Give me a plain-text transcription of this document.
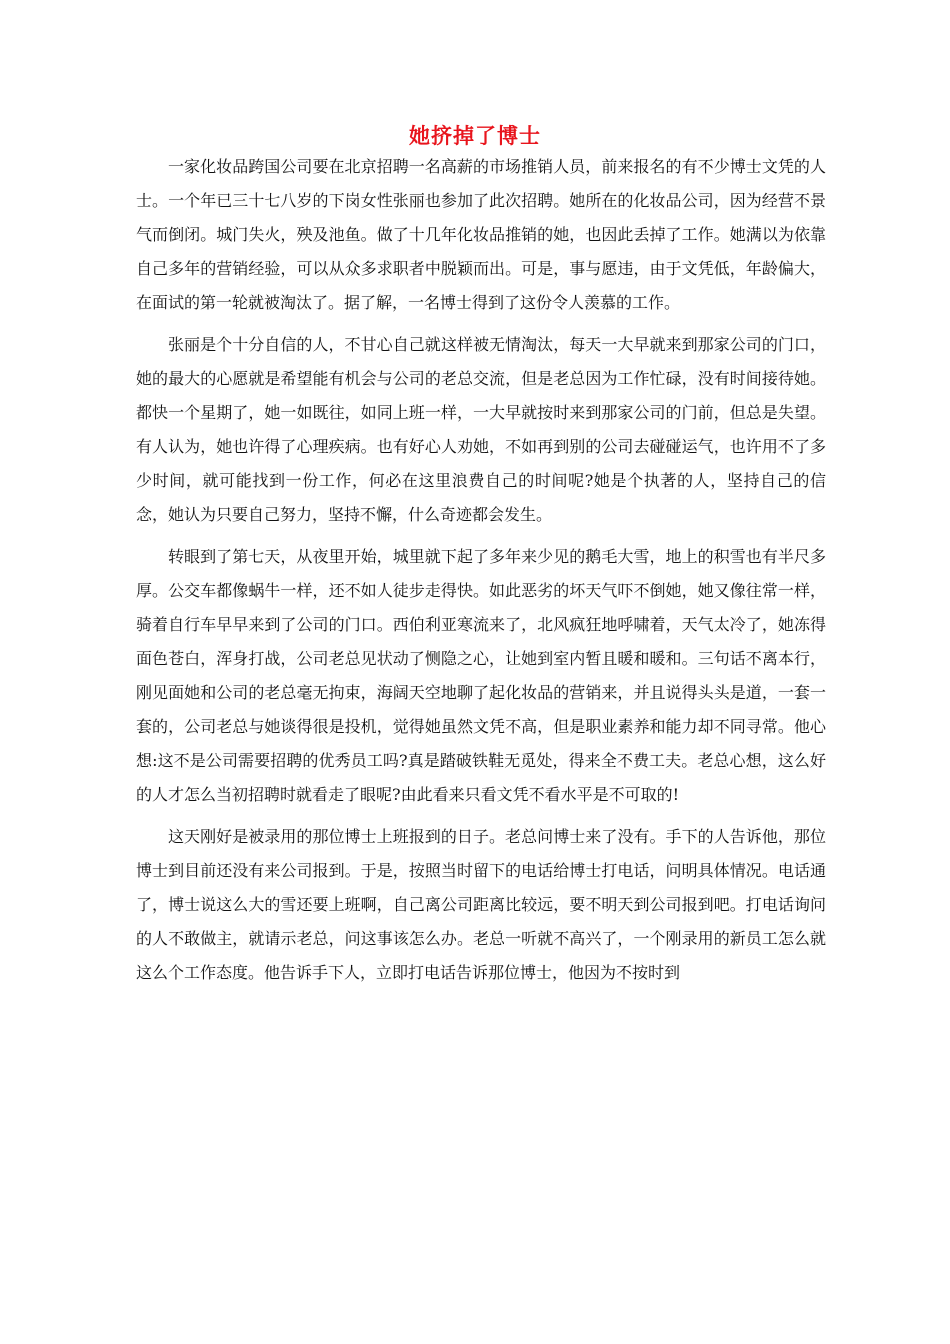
她挤掉了博士

一家化妆品跨国公司要在北京招聘一名高薪的市场推销人员，前来报名的有不少博士文凭的人士。一个年已三十七八岁的下岗女性张丽也参加了此次招聘。她所在的化妆品公司，因为经营不景气而倒闭。城门失火，殃及池鱼。做了十几年化妆品推销的她，也因此丢掉了工作。她满以为依靠自己多年的营销经验，可以从众多求职者中脱颖而出。可是，事与愿违，由于文凭低，年龄偏大，在面试的第一轮就被淘汰了。据了解，一名博士得到了这份令人羡慕的工作。

张丽是个十分自信的人，不甘心自己就这样被无情淘汰，每天一大早就来到那家公司的门口，她的最大的心愿就是希望能有机会与公司的老总交流，但是老总因为工作忙碌，没有时间接待她。都快一个星期了，她一如既往，如同上班一样，一大早就按时来到那家公司的门前，但总是失望。有人认为，她也许得了心理疾病。也有好心人劝她，不如再到别的公司去碰碰运气，也许用不了多少时间，就可能找到一份工作，何必在这里浪费自己的时间呢?她是个执著的人，坚持自己的信念，她认为只要自己努力，坚持不懈，什么奇迹都会发生。

转眼到了第七天，从夜里开始，城里就下起了多年来少见的鹅毛大雪，地上的积雪也有半尺多厚。公交车都像蜗牛一样，还不如人徒步走得快。如此恶劣的坏天气吓不倒她，她又像往常一样，骑着自行车早早来到了公司的门口。西伯利亚寒流来了，北风疯狂地呼啸着，天气太冷了，她冻得面色苍白，浑身打战，公司老总见状动了恻隐之心，让她到室内暂且暖和暖和。三句话不离本行，刚见面她和公司的老总毫无拘束，海阔天空地聊了起化妆品的营销来，并且说得头头是道，一套一套的，公司老总与她谈得很是投机，觉得她虽然文凭不高，但是职业素养和能力却不同寻常。他心想:这不是公司需要招聘的优秀员工吗?真是踏破铁鞋无觅处，得来全不费工夫。老总心想，这么好的人才怎么当初招聘时就看走了眼呢?由此看来只看文凭不看水平是不可取的!

这天刚好是被录用的那位博士上班报到的日子。老总问博士来了没有。手下的人告诉他，那位博士到目前还没有来公司报到。于是，按照当时留下的电话给博士打电话，问明具体情况。电话通了，博士说这么大的雪还要上班啊，自己离公司距离比较远，要不明天到公司报到吧。打电话询问的人不敢做主，就请示老总，问这事该怎么办。老总一听就不高兴了，一个刚录用的新员工怎么就这么个工作态度。他告诉手下人，立即打电话告诉那位博士，他因为不按时到
